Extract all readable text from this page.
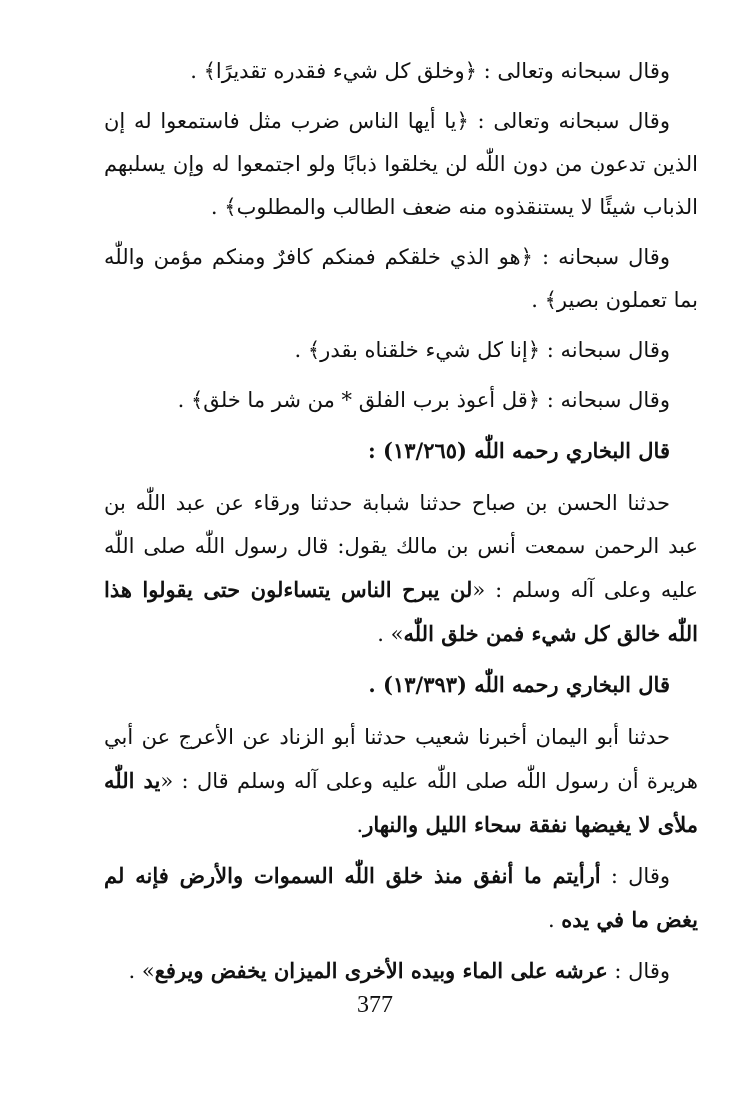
وقال سبحانه وتعالى : ﴿وخلق كل شيء فقدره تقديرًا﴾ .

وقال سبحانه وتعالى : ﴿يا أيها الناس ضرب مثل فاستمعوا له إن الذين تدعون من دون اللّٰه لن يخلقوا ذبابًا ولو اجتمعوا له وإن يسلبهم الذباب شيئًا لا يستنقذوه منه ضعف الطالب والمطلوب﴾ .

وقال سبحانه : ﴿هو الذي خلقكم فمنكم كافرٌ ومنكم مؤمن واللّٰه بما تعملون بصير﴾ .

وقال سبحانه : ﴿إنا كل شيء خلقناه بقدر﴾ .

وقال سبحانه : ﴿قل أعوذ برب الفلق * من شر ما خلق﴾ .

قال البخاري رحمه اللّٰه (١٣/٢٦٥) :

حدثنا الحسن بن صباح حدثنا شبابة حدثنا ورقاء عن عبد اللّٰه بن عبد الرحمن سمعت أنس بن مالك يقول: قال رسول اللّٰه صلى اللّٰه عليه وعلى آله وسلم : «لن يبرح الناس يتساءلون حتى يقولوا هذا اللّٰه خالق كل شيء فمن خلق اللّٰه» .

قال البخاري رحمه اللّٰه (١٣/٣٩٣) .

حدثنا أبو اليمان أخبرنا شعيب حدثنا أبو الزناد عن الأعرج عن أبي هريرة أن رسول اللّٰه صلى اللّٰه عليه وعلى آله وسلم قال : «يد اللّٰه ملأى لا يغيضها نفقة سحاء الليل والنهار.

وقال : أرأيتم ما أنفق منذ خلق اللّٰه السموات والأرض فإنه لم يغض ما في يده .

وقال : عرشه على الماء وبيده الأخرى الميزان يخفض ويرفع» .

377
